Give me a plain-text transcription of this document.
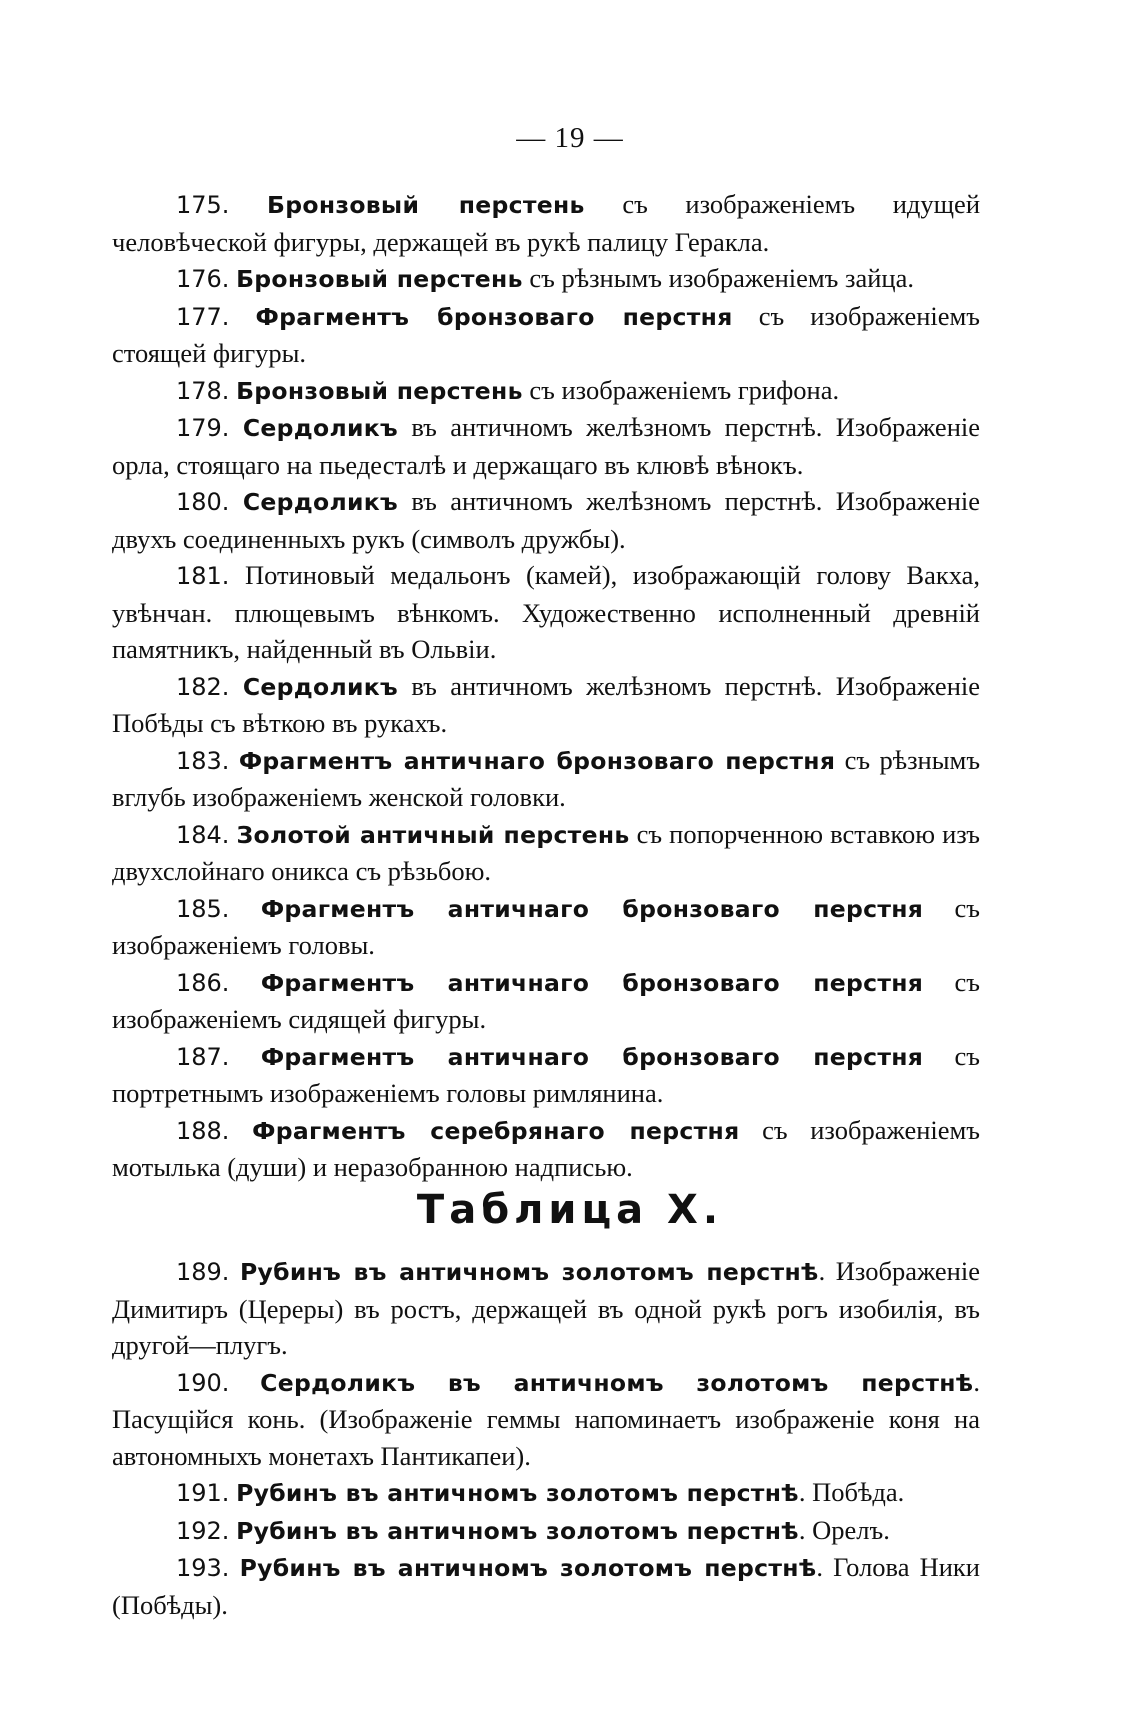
— 19 —

175. Бронзовый перстень съ изображеніемъ идущей человѣческой фигуры, держащей въ рукѣ палицу Геракла.

176. Бронзовый перстень съ рѣзнымъ изображеніемъ зайца.

177. Фрагментъ бронзоваго перстня съ изображеніемъ стоящей фигуры.

178. Бронзовый перстень съ изображеніемъ грифона.

179. Сердоликъ въ античномъ желѣзномъ перстнѣ. Изображеніе орла, стоящаго на пьедесталѣ и держащаго въ клювѣ вѣнокъ.

180. Сердоликъ въ античномъ желѣзномъ перстнѣ. Изображеніе двухъ соединенныхъ рукъ (символъ дружбы).

181. Потиновый медальонъ (камей), изображающій голову Вакха, увѣнчан. плющевымъ вѣнкомъ. Художественно исполненный древній памятникъ, найденный въ Ольвіи.

182. Сердоликъ въ античномъ желѣзномъ перстнѣ. Изображеніе Побѣды съ вѣткою въ рукахъ.

183. Фрагментъ античнаго бронзоваго перстня съ рѣзнымъ вглубь изображеніемъ женской головки.

184. Золотой античный перстень съ попорченною вставкою изъ двухслойнаго оникса съ рѣзьбою.

185. Фрагментъ античнаго бронзоваго перстня съ изображеніемъ головы.

186. Фрагментъ античнаго бронзоваго перстня съ изображеніемъ сидящей фигуры.

187. Фрагментъ античнаго бронзоваго перстня съ портретнымъ изображеніемъ головы римлянина.

188. Фрагментъ серебрянаго перстня съ изображеніемъ мотылька (души) и неразобранною надписью.

Таблица X.

189. Рубинъ въ античномъ золотомъ перстнѣ. Изображеніе Димитиръ (Цереры) въ ростъ, держащей въ одной рукѣ рогъ изобилія, въ другой—плугъ.

190. Сердоликъ въ античномъ золотомъ перстнѣ. Пасущійся конь. (Изображеніе геммы напоминаетъ изображеніе коня на автономныхъ монетахъ Пантикапеи).

191. Рубинъ въ античномъ золотомъ перстнѣ. Побѣда.

192. Рубинъ въ античномъ золотомъ перстнѣ. Орелъ.

193. Рубинъ въ античномъ золотомъ перстнѣ. Голова Ники (Побѣды).
